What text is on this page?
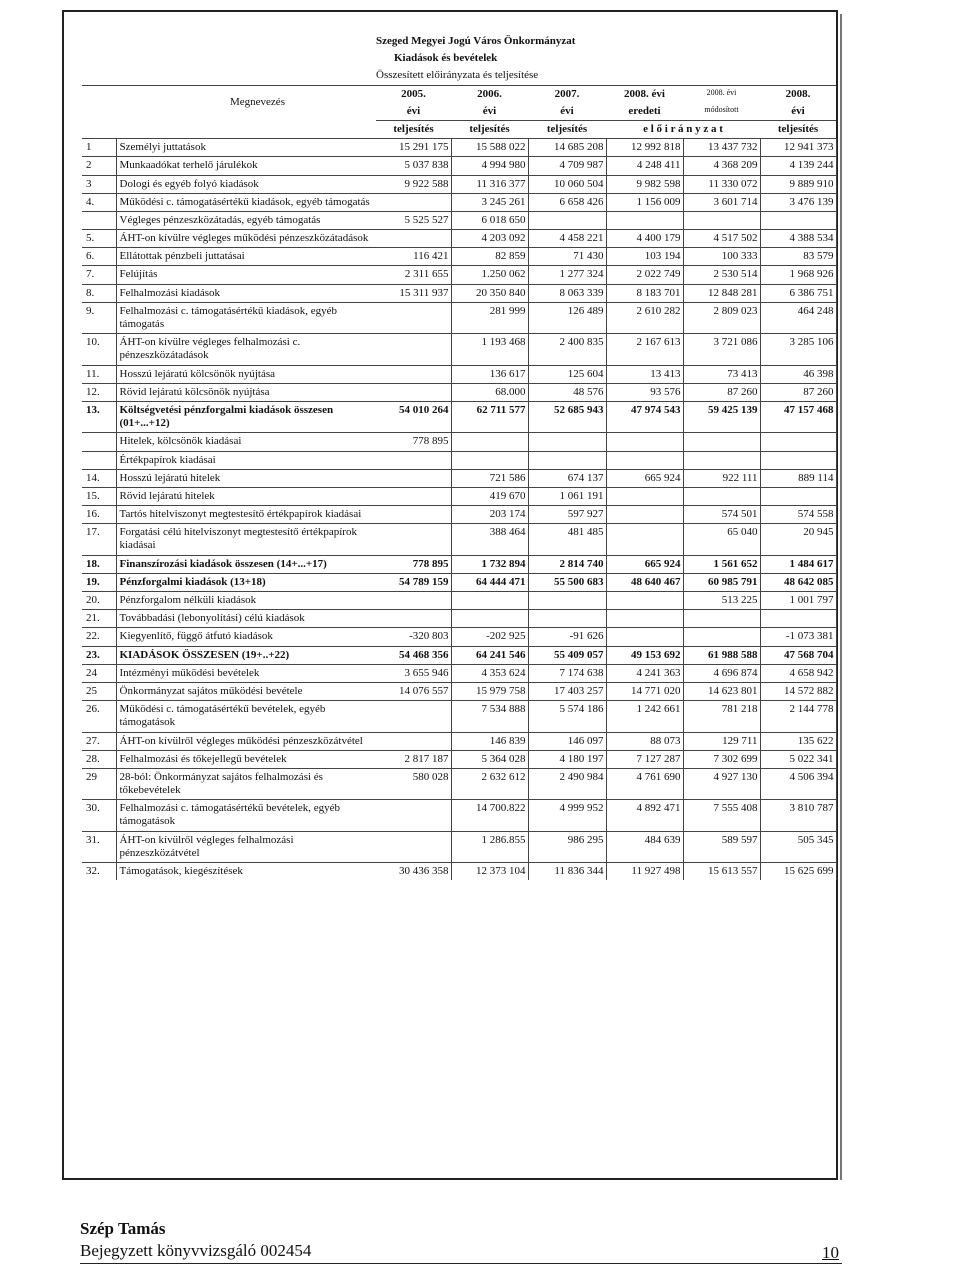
		Szeged Megyei Jogú Város Önkormányzat					
		Kiadások és bevételek					
		Összesített előirányzata és teljesítése					
Megnevezés		2005.	2006.	2007.	2008. évi	2008. évi	2008.
		évi	évi	évi	eredeti	módosított	évi
		teljesítés	teljesítés	teljesítés	e l ő i r á n y z a t		teljesítés
1	Személyi juttatások	15 291 175	15 588 022	14 685 208	12 992 818	13 437 732	12 941 373
2	Munkaadókat terhelő járulékok	5 037 838	4 994 980	4 709 987	4 248 411	4 368 209	4 139 244
3	Dologi és egyéb folyó kiadások	9 922 588	11 316 377	10 060 504	9 982 598	11 330 072	9 889 910
4.	Működési c. támogatásértékű kiadások, egyéb támogatás		3 245 261	6 658 426	1 156 009	3 601 714	3 476 139
	Végleges pénzeszközátadás, egyéb támogatás	5 525 527	6 018 650				
5.	ÁHT-on kívülre végleges működési pénzeszközátadások		4 203 092	4 458 221	4 400 179	4 517 502	4 388 534
6.	Ellátottak pénzbeli juttatásai	116 421	82 859	71 430	103 194	100 333	83 579
7.	Felújítás	2 311 655	1.250 062	1 277 324	2 022 749	2 530 514	1 968 926
8.	Felhalmozási kiadások	15 311 937	20 350 840	8 063 339	8 183 701	12 848 281	6 386 751
9.	Felhalmozási c. támogatásértékű kiadások, egyéb támogatás		281 999	126 489	2 610 282	2 809 023	464 248
10.	ÁHT-on kívülre végleges felhalmozási c. pénzeszközátadások		1 193 468	2 400 835	2 167 613	3 721 086	3 285 106
11.	Hosszú lejáratú kölcsönök nyújtása		136 617	125 604	13 413	73 413	46 398
12.	Rövid lejáratú kölcsönök nyújtása		68.000	48 576	93 576	87 260	87 260
13.	Költségvetési pénzforgalmi kiadások összesen (01+...+12)	54 010 264	62 711 577	52 685 943	47 974 543	59 425 139	47 157 468
	Hitelek, kölcsönök kiadásai	778 895					
	Értékpapírok kiadásai						
14.	Hosszú lejáratú hitelek		721 586	674 137	665 924	922 111	889 114
15.	Rövid lejáratú hitelek		419 670	1 061 191			
16.	Tartós hitelviszonyt megtestesítő értékpapírok kiadásai		203 174	597 927		574 501	574 558
17.	Forgatási célú hitelviszonyt megtestesítő értékpapírok kiadásai		388 464	481 485		65 040	20 945
18.	Finanszírozási kiadások összesen (14+...+17)	778 895	1 732 894	2 814 740	665 924	1 561 652	1 484 617
19.	Pénzforgalmi kiadások (13+18)	54 789 159	64 444 471	55 500 683	48 640 467	60 985 791	48 642 085
20.	Pénzforgalom nélküli kiadások					513 225	1 001 797
21.	Továbbadási (lebonyolítási) célú kiadások						
22.	Kiegyenlítő, függő átfutó kiadások	-320 803	-202 925	-91 626			-1 073 381
23.	KIADÁSOK ÖSSZESEN (19+..+22)	54 468 356	64 241 546	55 409 057	49 153 692	61 988 588	47 568 704
24	Intézményi működési bevételek	3 655 946	4 353 624	7 174 638	4 241 363	4 696 874	4 658 942
25	Önkormányzat sajátos működési bevétele	14 076 557	15 979 758	17 403 257	14 771 020	14 623 801	14 572 882
26.	Működési c. támogatásértékű bevételek, egyéb támogatások		7 534 888	5 574 186	1 242 661	781 218	2 144 778
27.	ÁHT-on kívülről végleges működési pénzeszközátvétel		146 839	146 097	88 073	129 711	135 622
28.	Felhalmozási és tőkejellegű bevételek	2 817 187	5 364 028	4 180 197	7 127 287	7 302 699	5 022 341
29	28-ból: Önkormányzat sajátos felhalmozási és tőkebevételek	580 028	2 632 612	2 490 984	4 761 690	4 927 130	4 506 394
30.	Felhalmozási c. támogatásértékű bevételek, egyéb támogatások		14 700.822	4 999 952	4 892 471	7 555 408	3 810 787
31.	ÁHT-on kívülről végleges felhalmozási pénzeszközátvétel		1 286.855	986 295	484 639	589 597	505 345
32.	Támogatások, kiegészítések	30 436 358	12 373 104	11 836 344	11 927 498	15 613 557	15 625 699
Szép Tamás
Bejegyzett könyvvizsgáló 002454	10
